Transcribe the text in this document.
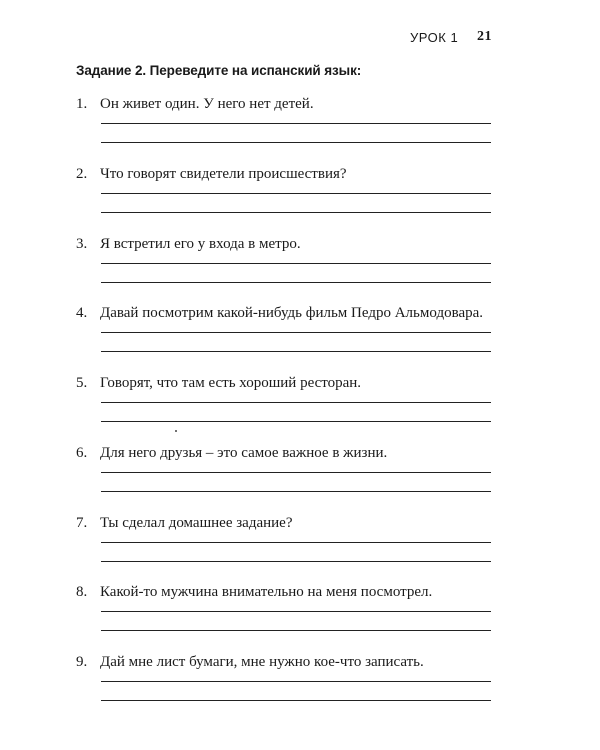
УРОК 1 21
Задание 2. Переведите на испанский язык:
1. Он живет один. У него нет детей.
2. Что говорят свидетели происшествия?
3. Я встретил его у входа в метро.
4. Давай посмотрим какой-нибудь фильм Педро Альмодовара.
5. Говорят, что там есть хороший ресторан.
6. Для него друзья – это самое важное в жизни.
7. Ты сделал домашнее задание?
8. Какой-то мужчина внимательно на меня посмотрел.
9. Дай мне лист бумаги, мне нужно кое-что записать.
